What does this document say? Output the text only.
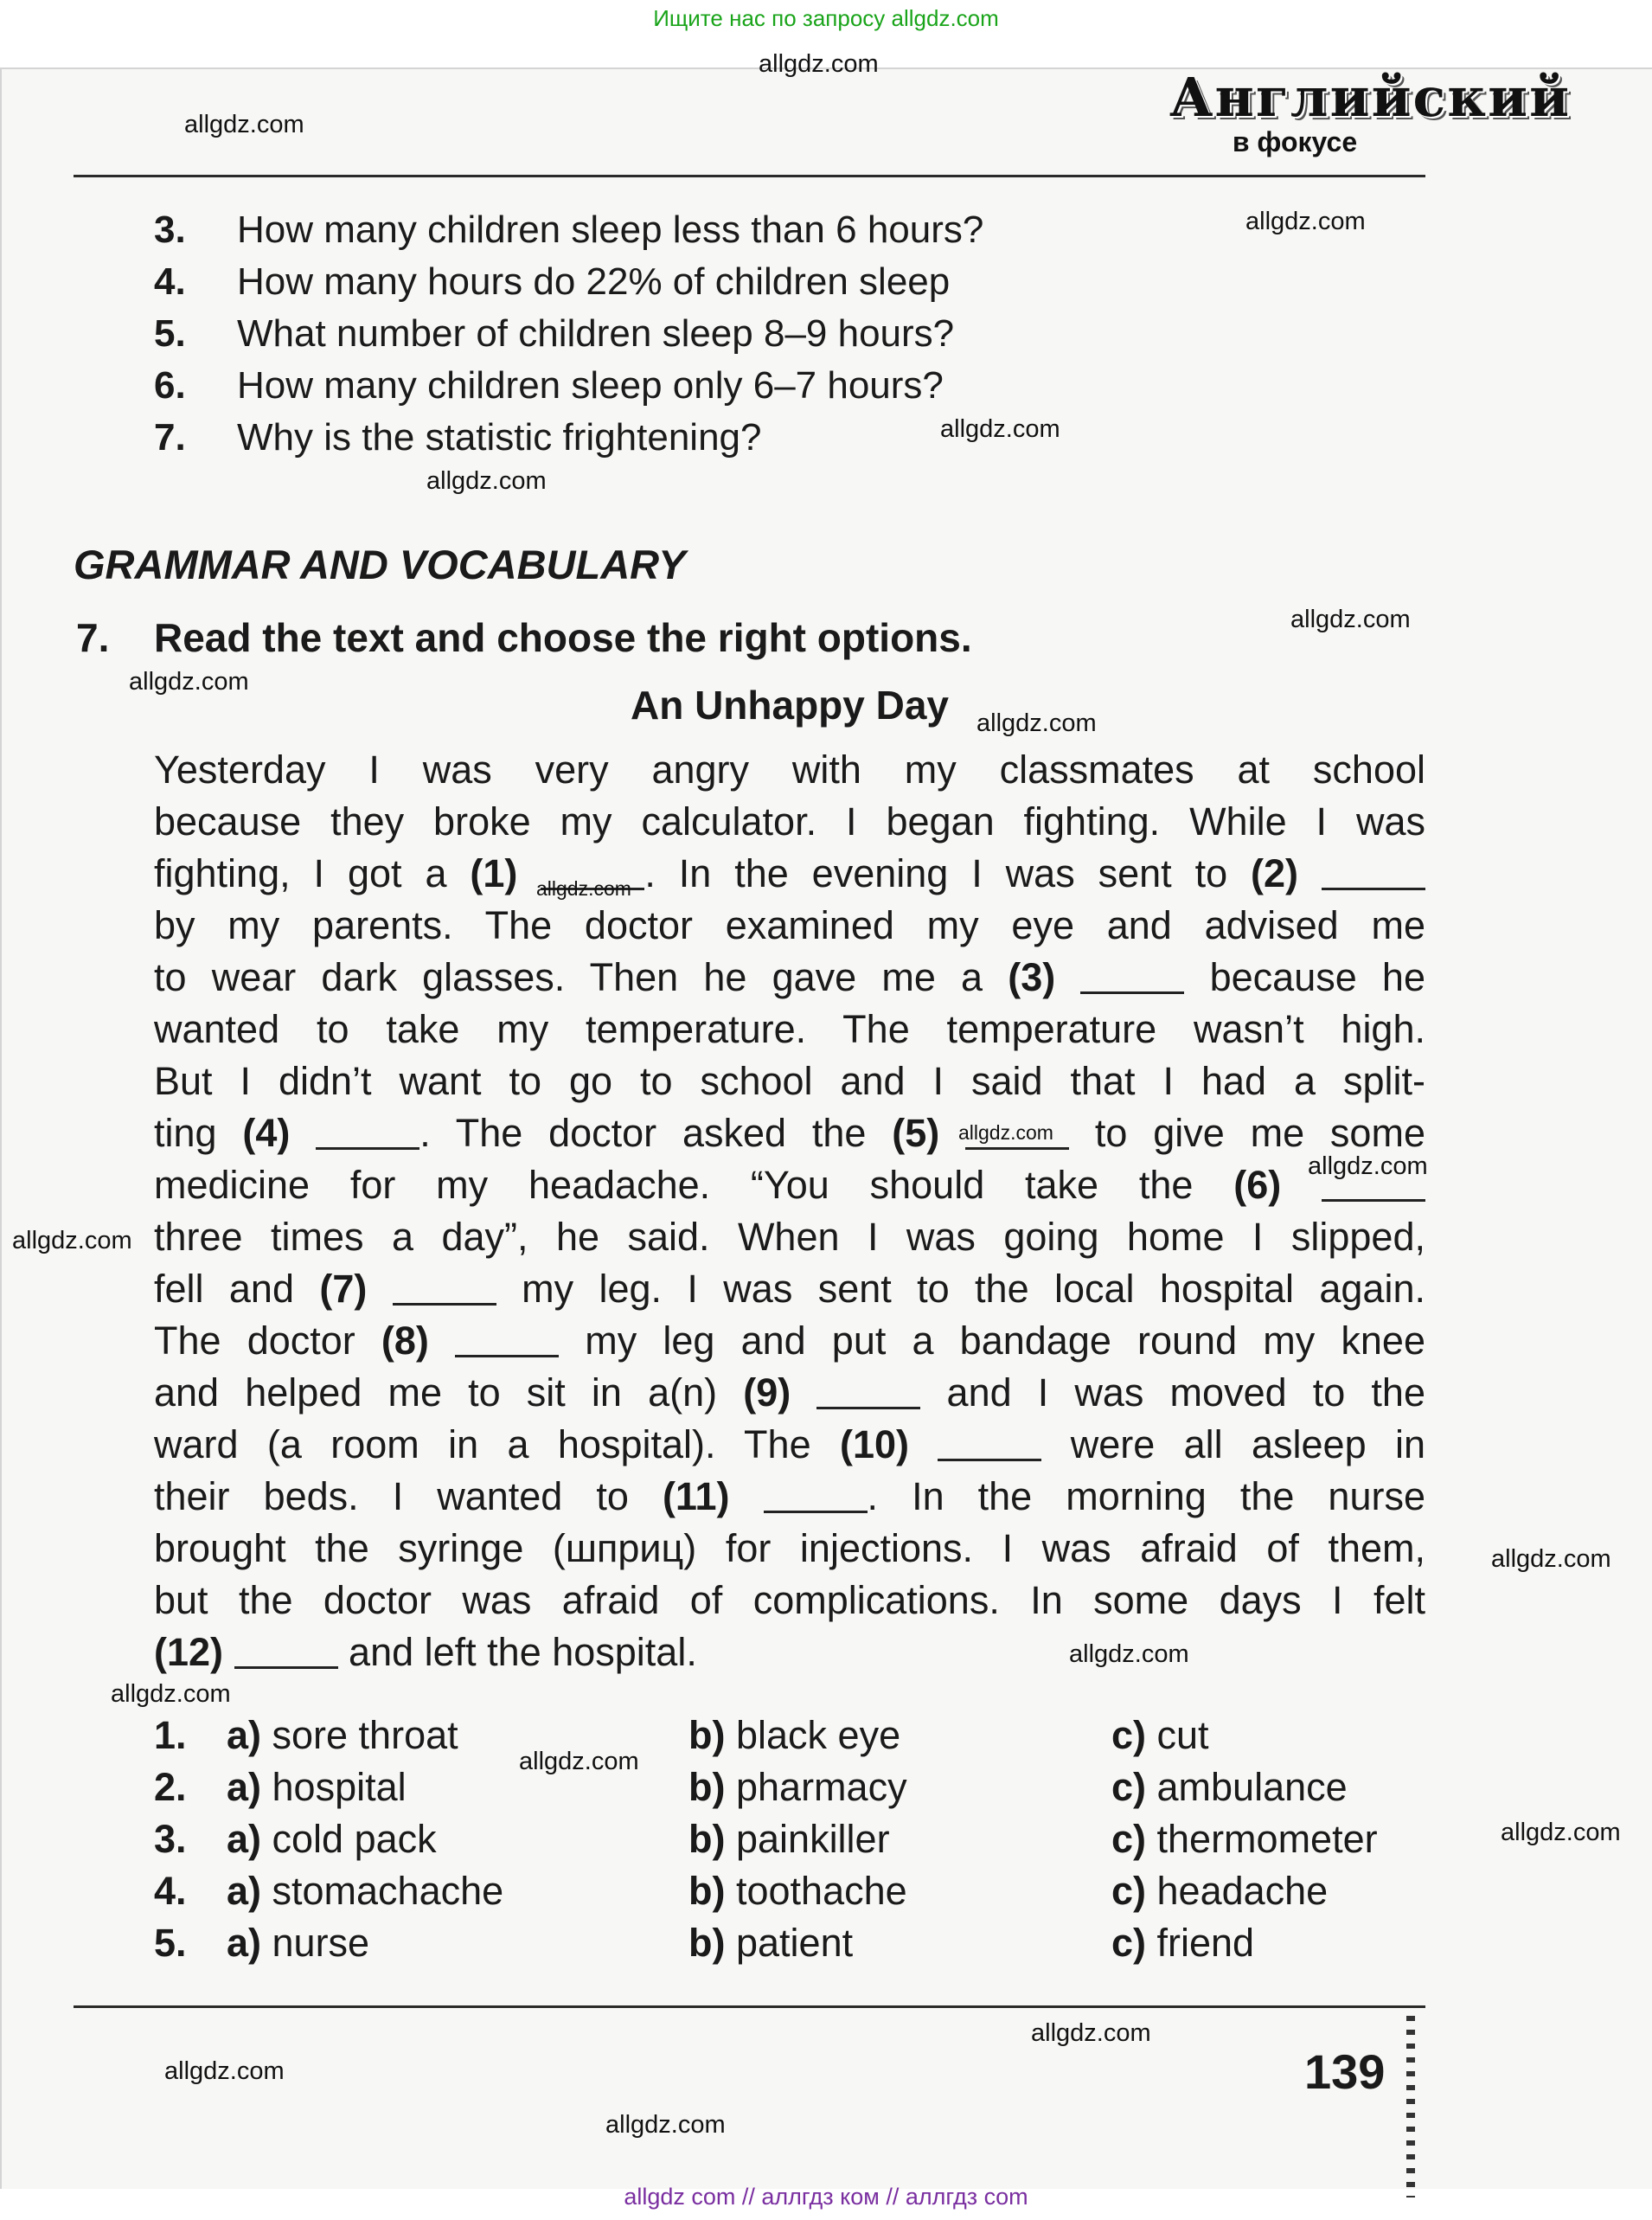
Ищите нас по запросу allgdz.com
Английский
в фокусе
3. How many children sleep less than 6 hours?
4. How many hours do 22% of children sleep
5. What number of children sleep 8–9 hours?
6. How many children sleep only 6–7 hours?
7. Why is the statistic frightening?
GRAMMAR AND VOCABULARY
7. Read the text and choose the right options.
An Unhappy Day

Yesterday I was very angry with my classmates at school

because they broke my calculator. I began fighting. While I was

fighting, I got a (1)	. In the evening I was sent to (2)

by my parents. The doctor examined my eye and advised me

to wear dark glasses. Then he gave me a (3)	because he

wanted to take my temperature. The temperature wasn’t high.

But I didn’t want to go to school and I said that I had a split-

ting (4)	. The doctor asked the (5)	to give me some

medicine for my headache. “You should take the (6)

three times a day”, he said. When I was going home I slipped,

fell and (7)	my leg. I was sent to the local hospital again.

The doctor (8)	my leg and put a bandage round my knee

and helped me to sit in a(n) (9)	and I was moved to the

ward (a room in a hospital). The (10)	were all asleep in

their beds. I wanted to (11)	. In the morning the nurse

brought the syringe (шприц) for injections. I was afraid of them,

but the doctor was afraid of complications. In some days I felt

(12)	and left the hospital.

1. a) sore throat	b) black eye	c) cut
2. a) hospital	b) pharmacy	c) ambulance
3. a) cold pack	b) painkiller	c) thermometer
4. a) stomachache	b) toothache	c) headache
5. a) nurse	b) patient	c) friend
139
allgdz.com
allgdz.com
allgdz.com
allgdz.com
allgdz.com
allgdz.com
allgdz.com
allgdz.com
allgdz.com
allgdz.com
allgdz.com
allgdz.com
allgdz.com
allgdz.com
allgdz.com
allgdz.com
allgdz.com
allgdz.com
allgdz.com
allgdz.com
allgdz com // аллгдз ком // аллгдз com
